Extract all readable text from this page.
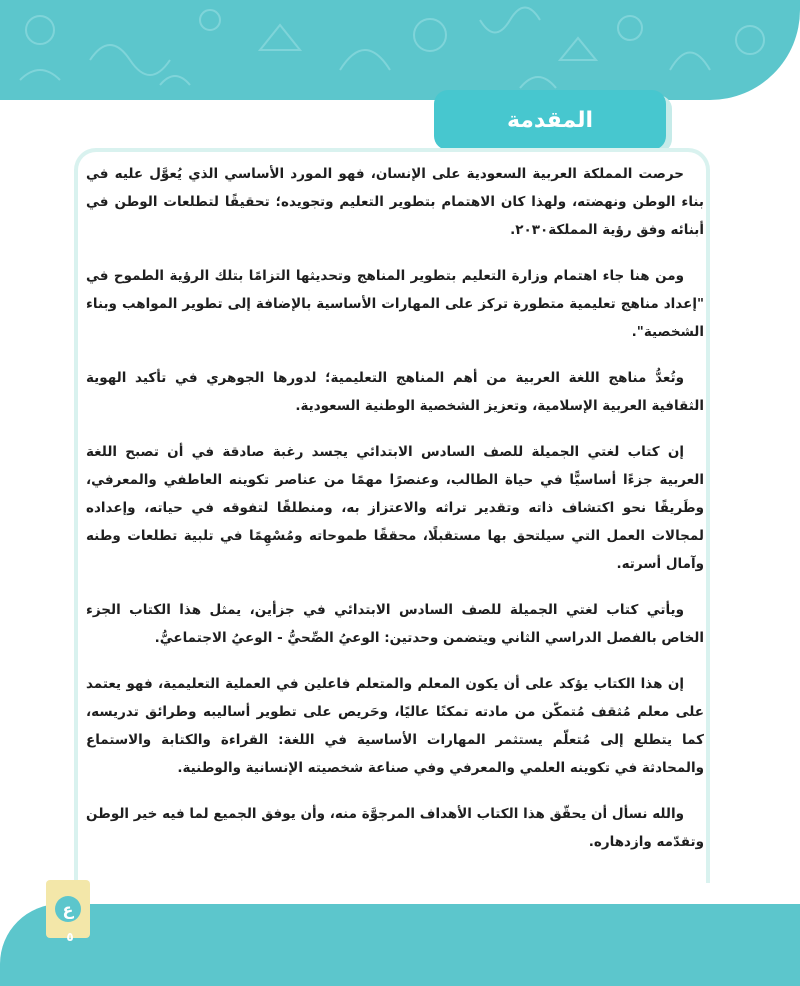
المقدمة

حرصت المملكة العربية السعودية على الإنسان، فهو المورد الأساسي الذي يُعوَّل عليه في بناء الوطن ونهضته، ولهذا كان الاهتمام بتطوير التعليم وتجويده؛ تحقيقًا لتطلعات الوطن في أبنائه وفق رؤية المملكة٢٠٣٠.

ومن هنا جاء اهتمام وزارة التعليم بتطوير المناهج وتحديثها التزامًا بتلك الرؤية الطموح في "إعداد مناهج تعليمية متطورة تركز على المهارات الأساسية بالإضافة إلى تطوير المواهب وبناء الشخصية".

وتُعدُّ مناهج اللغة العربية من أهم المناهج التعليمية؛ لدورها الجوهري في تأكيد الهوية الثقافية العربية الإسلامية، وتعزيز الشخصية الوطنية السعودية.

إن كتاب لغتي الجميلة للصف السادس الابتدائي يجسد رغبة صادقة في أن تصبح اللغة العربية جزءًا أساسيًّا في حياة الطالب، وعنصرًا مهمًا من عناصر تكوينه العاطفي والمعرفي، وطَريقًا نحو اكتشاف ذاته وتقدير تراثه والاعتزاز به، ومنطلقًا لتفوقه في حياته، وإعداده لمجالات العمل التي سيلتحق بها مستقبلًا، محققًا طموحاته ومُسْهِمًا في تلبية تطلعات وطنه وآمال أسرته.

ويأتي كتاب لغتي الجميلة للصف السادس الابتدائي في جزأين، يمثل هذا الكتاب الجزء الخاص بالفصل الدراسي الثاني ويتضمن وحدتين: الوعيُ الصِّحيُّ - الوعيُ الاجتماعيُّ.

إن هذا الكتاب يؤكد على أن يكون المعلم والمتعلم فاعلين في العملية التعليمية، فهو يعتمد على معلم مُثقف مُتمكّن من مادته تمكنًا عاليًا، وحَريص على تطوير أساليبه وطرائق تدريسه، كما يتطلع إلى مُتعلّم يستثمر المهارات الأساسية في اللغة: القراءة والكتابة والاستماع والمحادثة في تكوينه العلمي والمعرفي وفي صناعة شخصيته الإنسانية والوطنية.

والله نسأل أن يحقّق هذا الكتاب الأهداف المرجوَّة منه، وأن يوفق الجميع لما فيه خير الوطن وتقدّمه وازدهاره.

ع
٥
